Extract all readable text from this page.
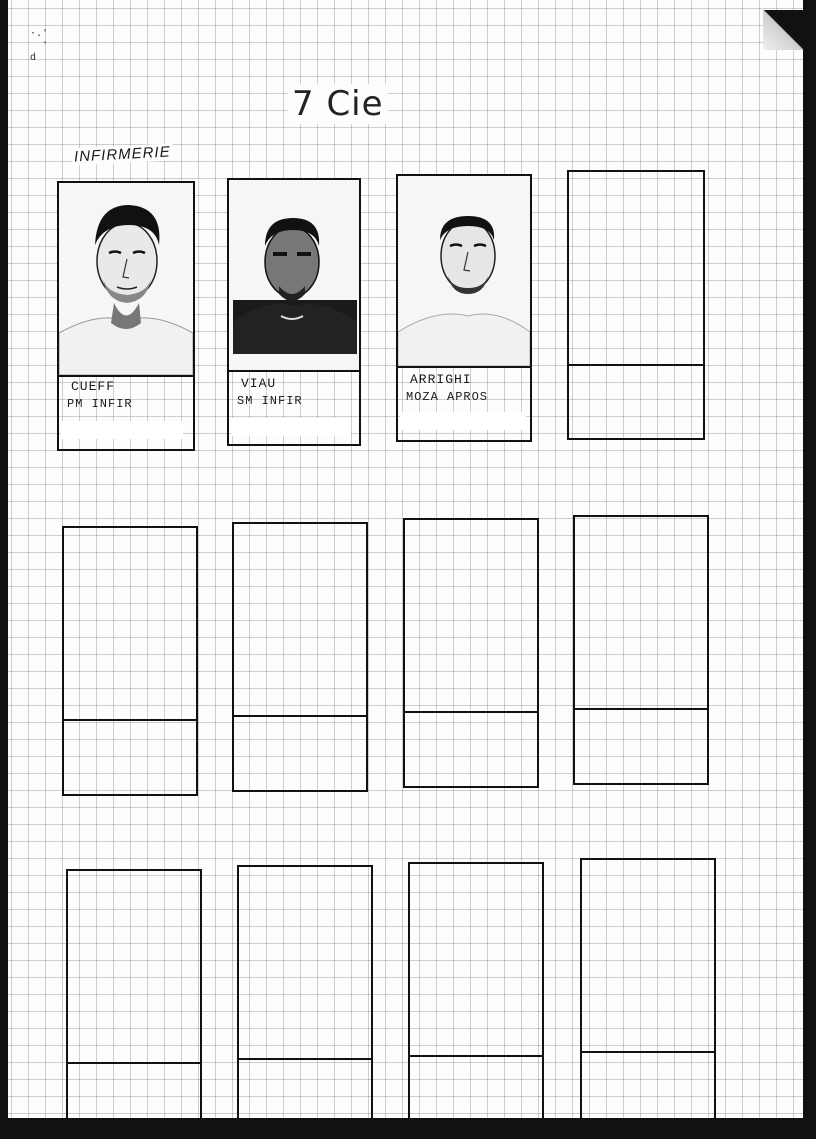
·.'
'
d
7 Cie
INFIRMERIE
CUEFF
PM INFIR
VIAU
SM INFIR
ARRIGHI
MOZA APROS
